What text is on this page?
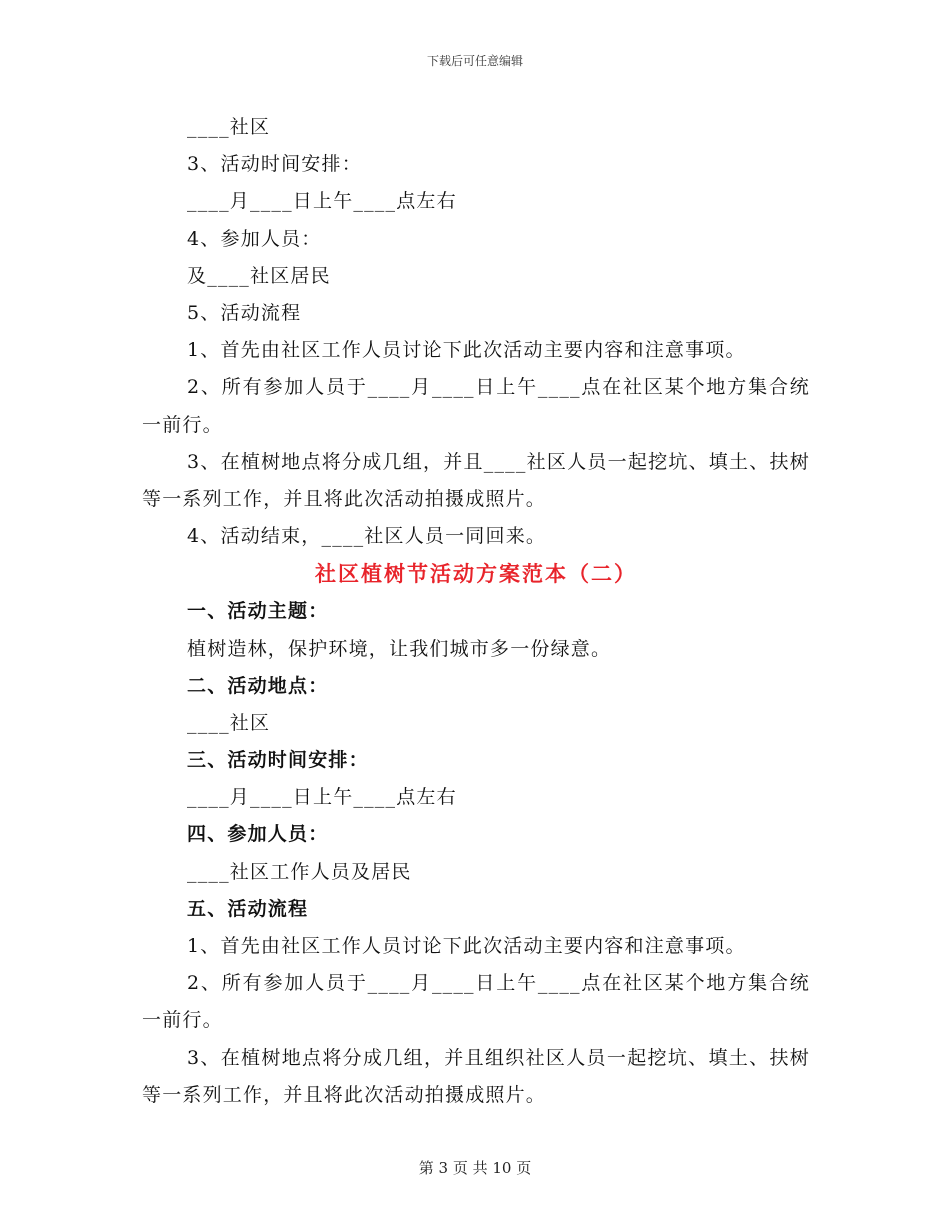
下载后可任意编辑
____社区
3、活动时间安排：
____月____日上午____点左右
4、参加人员：
及____社区居民
5、活动流程
1、首先由社区工作人员讨论下此次活动主要内容和注意事项。
2、所有参加人员于____月____日上午____点在社区某个地方集合统一前行。
3、在植树地点将分成几组，并且____社区人员一起挖坑、填土、扶树等一系列工作，并且将此次活动拍摄成照片。
4、活动结束，____社区人员一同回来。
社区植树节活动方案范本（二）
一、活动主题：
植树造林，保护环境，让我们城市多一份绿意。
二、活动地点：
____社区
三、活动时间安排：
____月____日上午____点左右
四、参加人员：
____社区工作人员及居民
五、活动流程
1、首先由社区工作人员讨论下此次活动主要内容和注意事项。
2、所有参加人员于____月____日上午____点在社区某个地方集合统一前行。
3、在植树地点将分成几组，并且组织社区人员一起挖坑、填土、扶树等一系列工作，并且将此次活动拍摄成照片。
第 3 页 共 10 页
